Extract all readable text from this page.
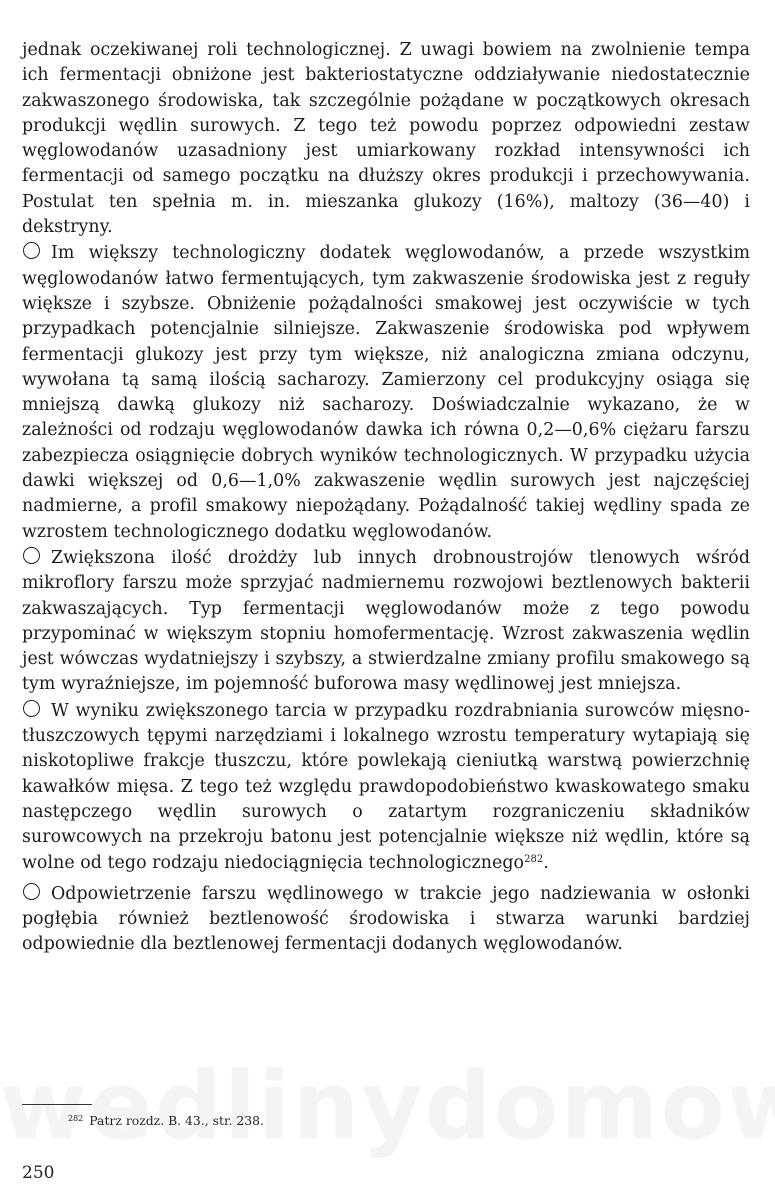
jednak oczekiwanej roli technologicznej. Z uwagi bowiem na zwolnienie tempa ich fermentacji obniżone jest bakteriostatyczne oddziaływanie niedostatecznie zakwaszonego środowiska, tak szczególnie pożądane w początkowych okresach produkcji wędlin surowych. Z tego też powodu poprzez odpowiedni zestaw węglowodanów uzasadniony jest umiarkowany rozkład intensywności ich fermentacji od samego początku na dłuższy okres produkcji i przechowywania. Postulat ten spełnia m. in. mieszanka glukozy (16%), maltozy (36—40) i dekstryny.

Im większy technologiczny dodatek węglowodanów, a przede wszystkim węglowodanów łatwo fermentujących, tym zakwaszenie środowiska jest z reguły większe i szybsze. Obniżenie pożądalności smakowej jest oczywiście w tych przypadkach potencjalnie silniejsze. Zakwaszenie środowiska pod wpływem fermentacji glukozy jest przy tym większe, niż analogiczna zmiana odczynu, wywołana tą samą ilością sacharozy. Zamierzony cel produkcyjny osiąga się mniejszą dawką glukozy niż sacharozy. Doświadczalnie wykazano, że w zależności od rodzaju węglowodanów dawka ich równa 0,2—0,6% ciężaru farszu zabezpiecza osiągnięcie dobrych wyników technologicznych. W przypadku użycia dawki większej od 0,6—1,0% zakwaszenie wędlin surowych jest najczęściej nadmierne, a profil smakowy niepożądany. Pożądalność takiej wędliny spada ze wzrostem technologicznego dodatku węglowodanów.

Zwiększona ilość drożdży lub innych drobnoustrojów tlenowych wśród mikroflory farszu może sprzyjać nadmiernemu rozwojowi beztlenowych bakterii zakwaszających. Typ fermentacji węglowodanów może z tego powodu przypominać w większym stopniu homofermentację. Wzrost zakwaszenia wędlin jest wówczas wydatniejszy i szybszy, a stwierdzalne zmiany profilu smakowego są tym wyraźniejsze, im pojemność buforowa masy wędlinowej jest mniejsza.

W wyniku zwiększonego tarcia w przypadku rozdrabniania surowców mięsno-tłuszczowych tępymi narzędziami i lokalnego wzrostu temperatury wytapiają się niskotopliwe frakcje tłuszczu, które powlekają cieniutką warstwą powierzchnię kawałków mięsa. Z tego też względu prawdopodobieństwo kwaskowatego smaku następczego wędlin surowych o zatartym rozgraniczeniu składników surowcowych na przekroju batonu jest potencjalnie większe niż wędlin, które są wolne od tego rodzaju niedociągnięcia technologicznego$^{282}$.

Odpowietrzenie farszu wędlinowego w trakcie jego nadziewania w osłonki pogłębia również beztlenowość środowiska i stwarza warunki bardziej odpowiednie dla beztlenowej fermentacji dodanych węglowodanów.

$^{282}$ Patrz rozdz. B. 43., str. 238.
250
